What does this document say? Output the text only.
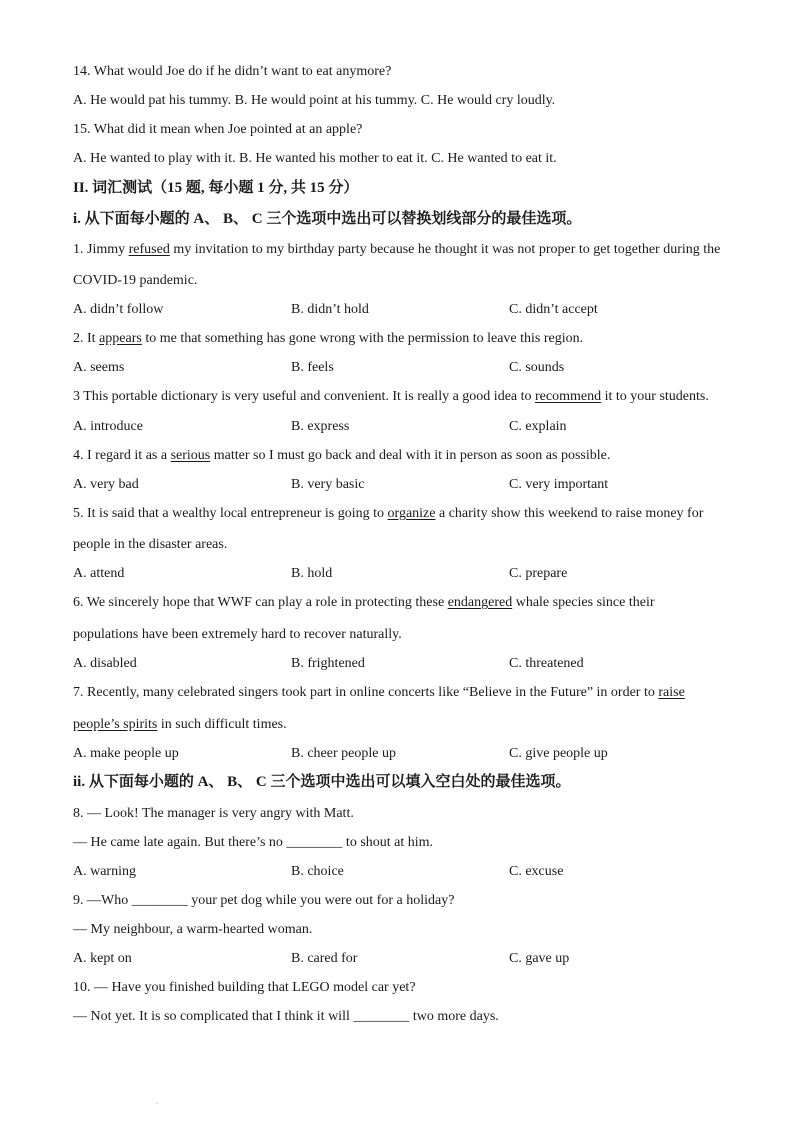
14. What would Joe do if he didn’t want to eat anymore?
A. He would pat his tummy. B. He would point at his tummy. C. He would cry loudly.
15. What did it mean when Joe pointed at an apple?
A. He wanted to play with it. B. He wanted his mother to eat it. C. He wanted to eat it.
II. 词汇测试（15 题, 每小题 1 分, 共 15 分）
i. 从下面每小题的 A、 B、 C 三个选项中选出可以替换划线部分的最佳选项。
1. Jimmy refused my invitation to my birthday party because he thought it was not proper to get together during the
COVID-19 pandemic.
A. didn’t follow	B. didn’t hold	C. didn’t accept
2. It appears to me that something has gone wrong with the permission to leave this region.
A. seems	B. feels	C. sounds
3 This portable dictionary is very useful and convenient. It is really a good idea to recommend it to your students.
A. introduce	B. express	C. explain
4. I regard it as a serious matter so I must go back and deal with it in person as soon as possible.
A. very bad	B. very basic	C. very important
5. It is said that a wealthy local entrepreneur is going to organize a charity show this weekend to raise money for
people in the disaster areas.
A. attend	B. hold	C. prepare
6. We sincerely hope that WWF can play a role in protecting these endangered whale species since their
populations have been extremely hard to recover naturally.
A. disabled	B. frightened	C. threatened
7. Recently, many celebrated singers took part in online concerts like “Believe in the Future” in order to raise
people’s spirits in such difficult times.
A. make people up	B. cheer people up	C. give people up
ii. 从下面每小题的 A、 B、 C 三个选项中选出可以填入空白处的最佳选项。
8. — Look! The manager is very angry with Matt.
— He came late again. But there’s no ________ to shout at him.
A. warning	B. choice	C. excuse
9. —Who ________ your pet dog while you were out for a holiday?
— My neighbour, a warm-hearted woman.
A. kept on	B. cared for	C. gave up
10. — Have you finished building that LEGO model car yet?
— Not yet. It is so complicated that I think it will ________ two more days.
.
